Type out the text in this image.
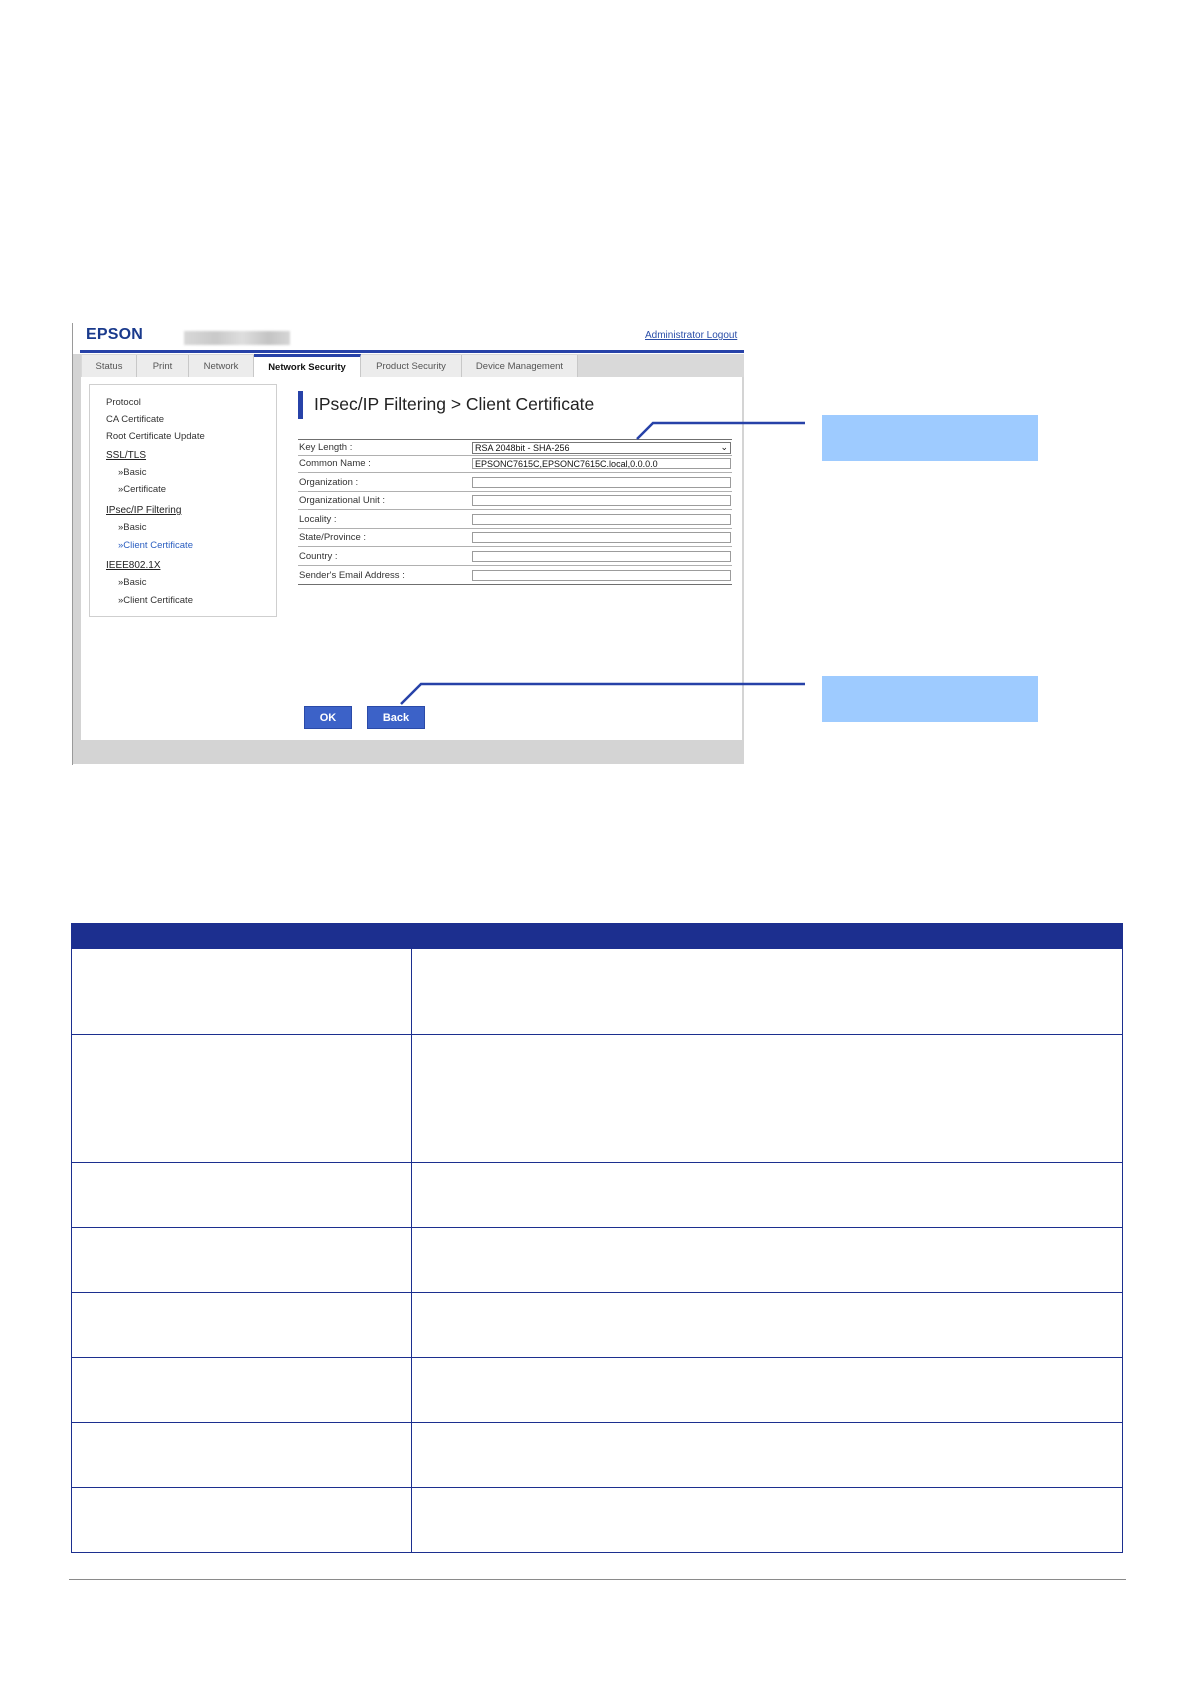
EPSON	Administrator Logout
Status	Print	Network	Network Security	Product Security	Device Management
Protocol
CA Certificate
Root Certificate Update
SSL/TLS
»Basic
»Certificate
IPsec/IP Filtering
»Basic
»Client Certificate
IEEE802.1X
»Basic
»Client Certificate
IPsec/IP Filtering > Client Certificate
Key Length :	RSA 2048bit - SHA-256	⌄
Common Name :
EPSONC7615C,EPSONC7615C.local,0.0.0.0
Organization :
Organizational Unit :
Locality :
State/Province :
Country :
Sender's Email Address :
OK	Back
